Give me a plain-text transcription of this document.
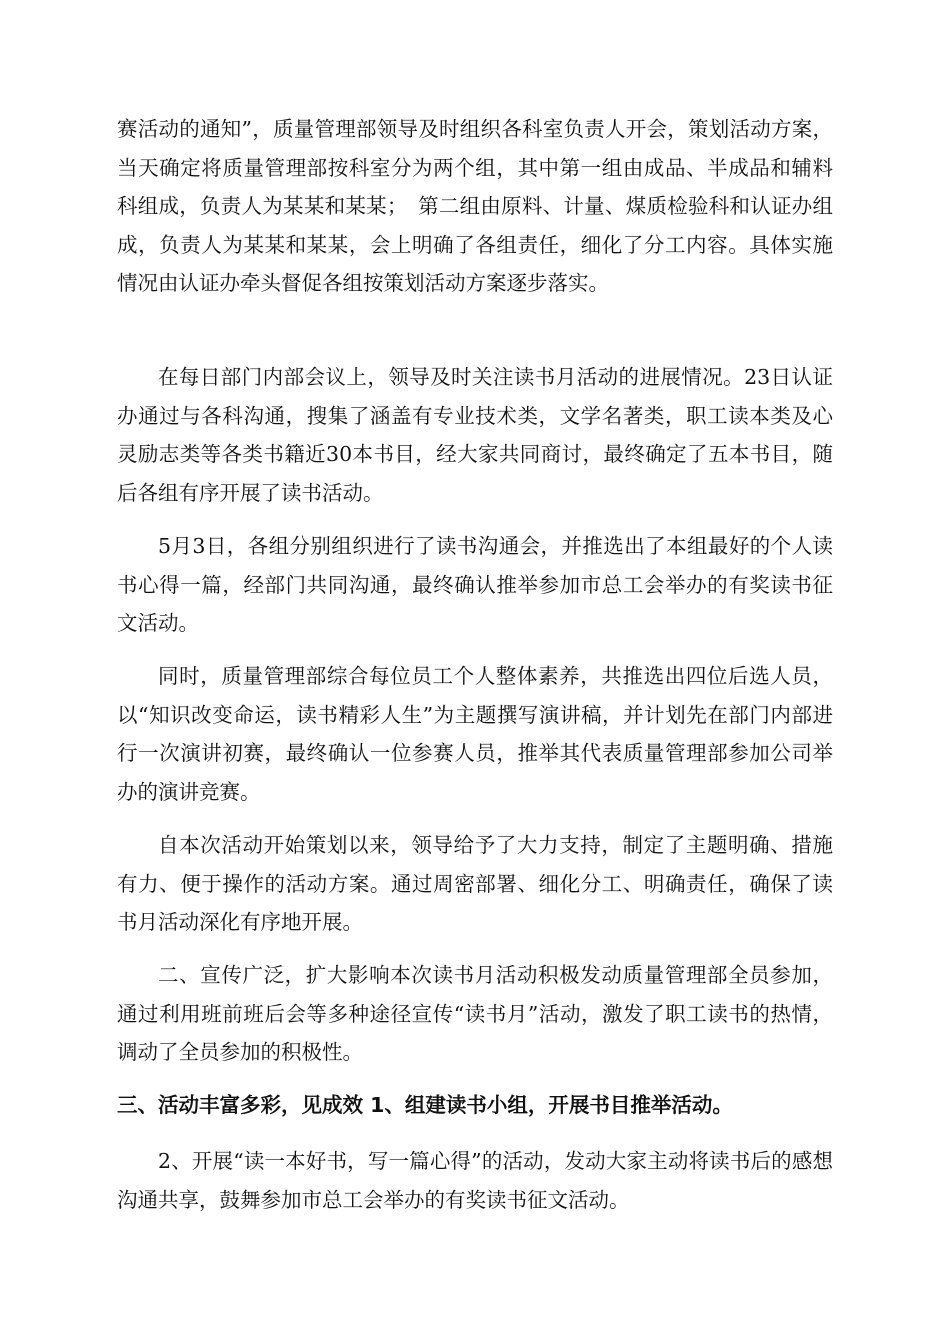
赛活动的通知”，质量管理部领导及时组织各科室负责人开会，策划活动方案，当天确定将质量管理部按科室分为两个组，其中第一组由成品、半成品和辅料科组成，负责人为某某和某某；　第二组由原料、计量、煤质检验科和认证办组成，负责人为某某和某某，会上明确了各组责任，细化了分工内容。具体实施情况由认证办牵头督促各组按策划活动方案逐步落实。

在每日部门内部会议上，领导及时关注读书月活动的进展情况。23日认证办通过与各科沟通，搜集了涵盖有专业技术类，文学名著类，职工读本类及心灵励志类等各类书籍近30本书目，经大家共同商讨，最终确定了五本书目，随后各组有序开展了读书活动。

5月3日，各组分别组织进行了读书沟通会，并推选出了本组最好的个人读书心得一篇，经部门共同沟通，最终确认推举参加市总工会举办的有奖读书征文活动。

同时，质量管理部综合每位员工个人整体素养，共推选出四位后选人员，以“知识改变命运，读书精彩人生”为主题撰写演讲稿，并计划先在部门内部进行一次演讲初赛，最终确认一位参赛人员，推举其代表质量管理部参加公司举办的演讲竞赛。

自本次活动开始策划以来，领导给予了大力支持，制定了主题明确、措施有力、便于操作的活动方案。通过周密部署、细化分工、明确责任，确保了读书月活动深化有序地开展。

二、宣传广泛，扩大影响本次读书月活动积极发动质量管理部全员参加，通过利用班前班后会等多种途径宣传“读书月”活动，激发了职工读书的热情，调动了全员参加的积极性。

三、活动丰富多彩，见成效 1、组建读书小组，开展书目推举活动。

2、开展“读一本好书，写一篇心得”的活动，发动大家主动将读书后的感想沟通共享，鼓舞参加市总工会举办的有奖读书征文活动。
